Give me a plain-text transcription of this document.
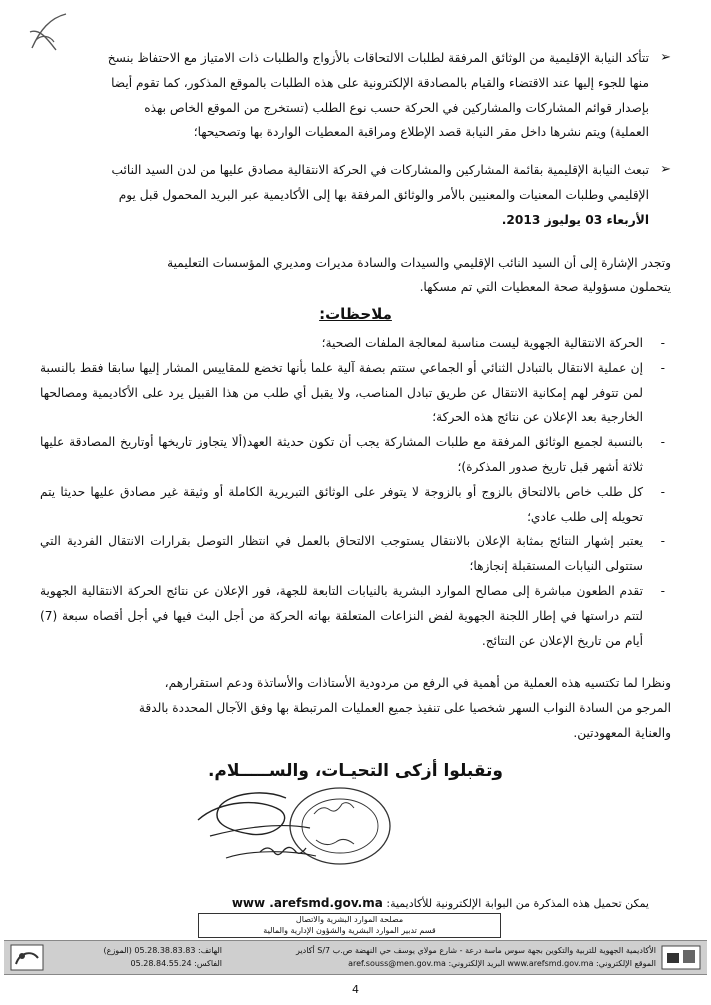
➢
تتأكد النيابة الإقليمية من الوثائق المرفقة لطلبات الالتحاقات بالأزواج والطلبات ذات الامتياز مع الاحتفاظ بنسخ
منها للجوء إليها عند الاقتضاء والقيام بالمصادقة الإلكترونية على هذه الطلبات بالموقع المذكور، كما تقوم أيضا
بإصدار قوائم المشاركات والمشاركين في الحركة حسب نوع الطلب (تستخرج من الموقع الخاص بهذه
العملية) ويتم نشرها داخل مقر النيابة قصد الإطلاع ومراقبة المعطيات الواردة بها وتصحيحها؛
➢
تبعث النيابة الإقليمية بقائمة المشاركين والمشاركات في الحركة الانتقالية مصادق عليها من لدن السيد النائب
الإقليمي وطلبات المعنيات والمعنيين بالأمر والوثائق المرفقة بها إلى الأكاديمية عبر البريد المحمول قبل يوم
الأربعاء 03 يوليوز 2013.
وتجدر الإشارة إلى أن السيد النائب الإقليمي والسيدات والسادة مديرات ومديري المؤسسات التعليمية
يتحملون مسؤولية صحة المعطيات التي تم مسكها.
ملاحظات:
-
الحركة الانتقالية الجهوية ليست مناسبة لمعالجة الملفات الصحية؛
-
إن عملية الانتقال بالتبادل الثنائي أو الجماعي ستتم بصفة آلية علما بأنها تخضع للمقاييس المشار إليها سابقا فقط بالنسبة لمن تتوفر لهم إمكانية الانتقال عن طريق تبادل المناصب، ولا يقبل أي طلب من هذا القبيل يرد على الأكاديمية ومصالحها الخارجية بعد الإعلان عن نتائج هذه الحركة؛
-
بالنسبة لجميع الوثائق المرفقة مع طلبات المشاركة يجب أن تكون حديثة العهد(ألا يتجاوز تاريخها أوتاريخ المصادقة عليها ثلاثة أشهر قبل تاريخ صدور المذكرة)؛
-
كل طلب خاص بالالتحاق بالزوج أو بالزوجة لا يتوفر على الوثائق التبريرية الكاملة أو وثيقة غير مصادق عليها حديثا يتم تحويله إلى طلب عادي؛
-
يعتبر إشهار النتائج بمثابة الإعلان بالانتقال يستوجب الالتحاق بالعمل في انتظار التوصل بقرارات الانتقال الفردية التي ستتولى النيابات المستقبلة إنجازها؛
-
تقدم الطعون مباشرة إلى مصالح الموارد البشرية بالنيابات التابعة للجهة، فور الإعلان عن نتائج الحركة الانتقالية الجهوية لتتم دراستها في إطار اللجنة الجهوية لفض النزاعات المتعلقة بهاته الحركة من أجل البث فيها في أجل أقصاه سبعة (7) أيام من تاريخ الإعلان عن النتائج.
ونظرا لما تكتسيه هذه العملية من أهمية في الرفع من مردودية الأستاذات والأساتذة ودعم استقرارهم،
المرجو من السادة النواب السهر شخصيا على تنفيذ جميع العمليات المرتبطة بها وفق الآجال المحددة بالدقة
والعناية المعهودتين.
وتقبلوا أزكى التحيـات، والســـــلام.
يمكن تحميل هذه المذكرة من البوابة الإلكترونية للأكاديمية: www .arefsmd.gov.ma
مصلحة الموارد البشرية والاتصال
قسم تدبير الموارد البشرية والشؤون الإدارية والمالية
الهاتف: 05.28.38.83.83 (الموزع)
الفاكس: 05.28.84.55.24
الأكاديمية الجهوية للتربية والتكوين بجهة سوس ماسة درعة - شارع مولاي يوسف حي النهضة ص.ب 7/S أكادير
الموقع الإلكتروني: www.arefsmd.gov.ma البريد الإلكتروني: aref.souss@men.gov.ma
4
